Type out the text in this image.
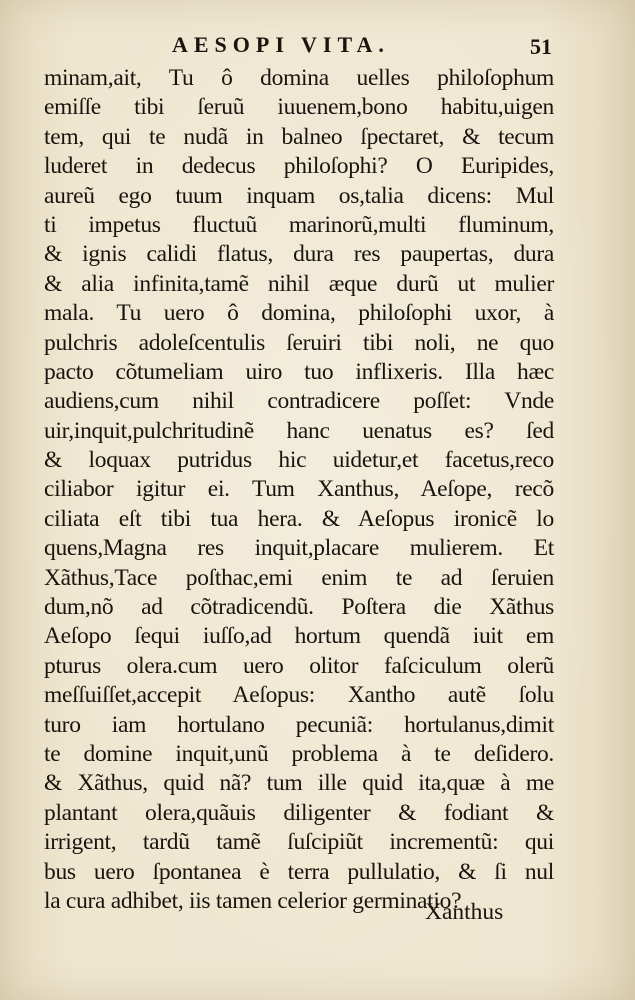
AESOPI VITA.	51
minam,ait, Tu ô domina uelles philoſophum
emiſſe tibi ſeruũ iuuenem,bono habitu,uigen
tem, qui te nudã in balneo ſpectaret, & tecum
luderet in dedecus philoſophi? O Euripides,
aureũ ego tuum inquam os,talia dicens: Mul
ti impetus fluctuũ marinorũ,multi fluminum,
& ignis calidi flatus, dura res paupertas, dura
& alia infinita,tamẽ nihil æque durũ ut mulier
mala. Tu uero ô domina, philoſophi uxor, à
pulchris adoleſcentulis ſeruiri tibi noli, ne quo
pacto cõtumeliam uiro tuo inflixeris. Illa hæc
audiens,cum nihil contradicere poſſet: Vnde
uir,inquit,pulchritudinẽ hanc uenatus es? ſed
& loquax putridus hic uidetur,et facetus,reco
ciliabor igitur ei. Tum Xanthus, Aeſope, recõ
ciliata eſt tibi tua hera. & Aeſopus ironicẽ lo
quens,Magna res inquit,placare mulierem. Et
Xãthus,Tace poſthac,emi enim te ad ſeruien
dum,nõ ad cõtradicendũ. Poſtera die Xãthus
Aeſopo ſequi iuſſo,ad hortum quendã iuit em
pturus olera.cum uero olitor faſciculum olerũ
meſſuiſſet,accepit Aeſopus: Xantho autẽ ſolu
turo iam hortulano pecuniã: hortulanus,dimit
te domine inquit,unũ problema à te deſidero.
& Xãthus, quid nã? tum ille quid ita,quæ à me
plantant olera,quãuis diligenter & fodiant &
irrigent, tardũ tamẽ ſuſcipiũt incrementũ: qui
bus uero ſpontanea è terra pullulatio, & ſi nul
la cura adhibet, iis tamen celerior germinatio?
Xanthus
